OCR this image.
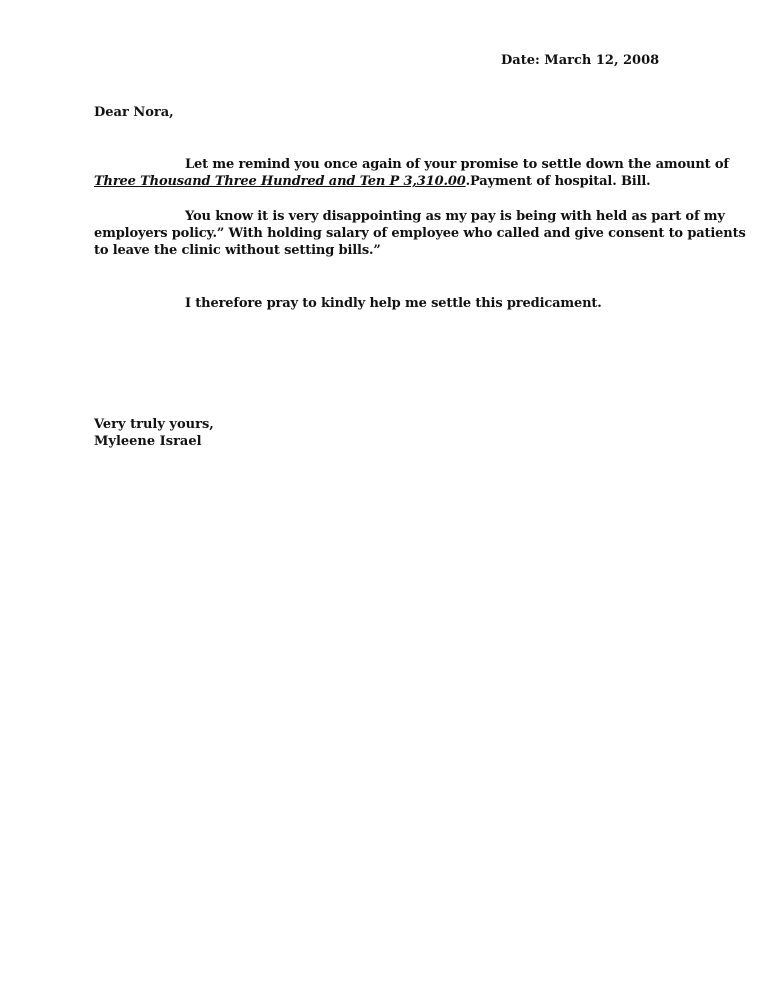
Date: March 12, 2008
Dear Nora,
Let me remind you once again of your promise to settle down the amount of
Three Thousand Three Hundred and Ten P 3,310.00.Payment of hospital. Bill.
You know it is very disappointing as my pay is being with held as part of my
employers policy.” With holding salary of employee who called and give consent to patients
to leave the clinic without setting bills.”
I therefore pray to kindly help me settle this predicament.
Very truly yours,
Myleene Israel
